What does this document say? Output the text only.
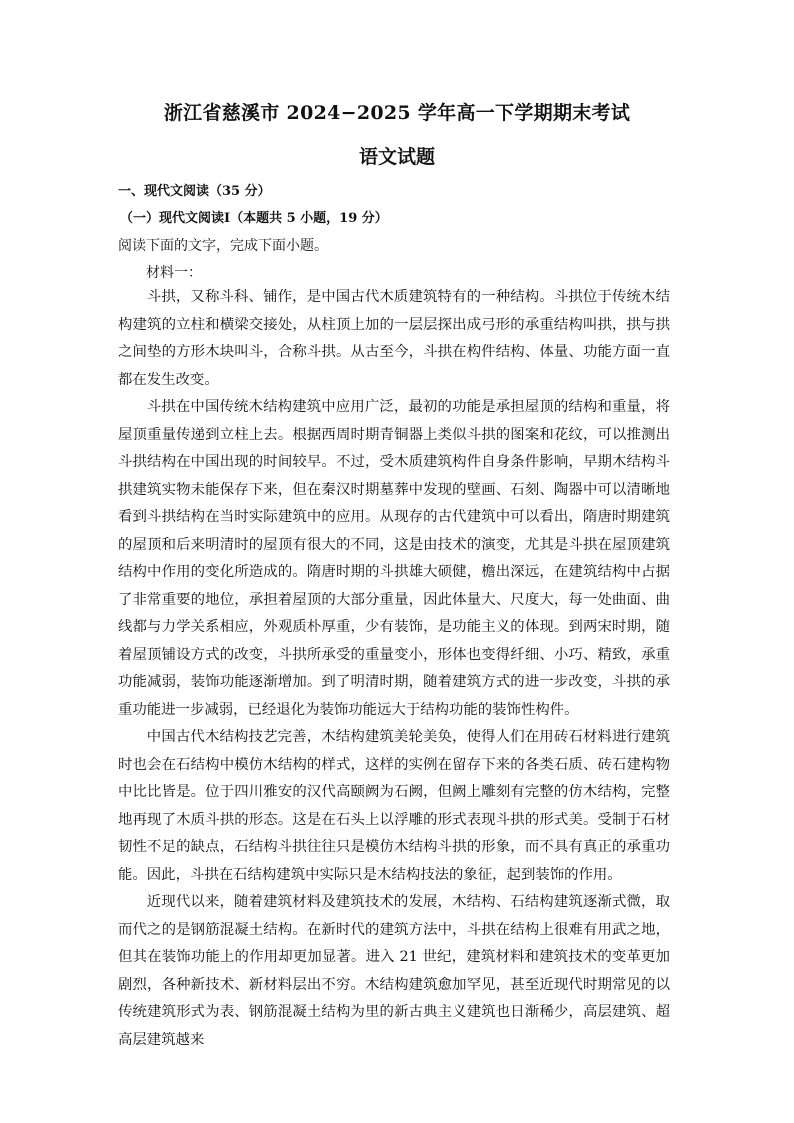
浙江省慈溪市 2024−2025 学年高一下学期期末考试
语文试题
一、现代文阅读（35 分）
（一）现代文阅读Ⅰ（本题共 5 小题，19 分）
阅读下面的文字，完成下面小题。
材料一：

斗拱，又称斗科、铺作，是中国古代木质建筑特有的一种结构。斗拱位于传统木结构建筑的立柱和横梁交接处，从柱顶上加的一层层探出成弓形的承重结构叫拱，拱与拱之间垫的方形木块叫斗，合称斗拱。从古至今，斗拱在构件结构、体量、功能方面一直都在发生改变。

斗拱在中国传统木结构建筑中应用广泛，最初的功能是承担屋顶的结构和重量，将屋顶重量传递到立柱上去。根据西周时期青铜器上类似斗拱的图案和花纹，可以推测出斗拱结构在中国出现的时间较早。不过，受木质建筑构件自身条件影响，早期木结构斗拱建筑实物未能保存下来，但在秦汉时期墓葬中发现的壁画、石刻、陶器中可以清晰地看到斗拱结构在当时实际建筑中的应用。从现存的古代建筑中可以看出，隋唐时期建筑的屋顶和后来明清时的屋顶有很大的不同，这是由技术的演变，尤其是斗拱在屋顶建筑结构中作用的变化所造成的。隋唐时期的斗拱雄大硕健，檐出深远，在建筑结构中占据了非常重要的地位，承担着屋顶的大部分重量，因此体量大、尺度大，每一处曲面、曲线都与力学关系相应，外观质朴厚重，少有装饰，是功能主义的体现。到两宋时期，随着屋顶铺设方式的改变，斗拱所承受的重量变小，形体也变得纤细、小巧、精致，承重功能减弱，装饰功能逐渐增加。到了明清时期，随着建筑方式的进一步改变，斗拱的承重功能进一步减弱，已经退化为装饰功能远大于结构功能的装饰性构件。

中国古代木结构技艺完善，木结构建筑美轮美奂，使得人们在用砖石材料进行建筑时也会在石结构中模仿木结构的样式，这样的实例在留存下来的各类石质、砖石建构物中比比皆是。位于四川雅安的汉代高颐阙为石阙，但阙上雕刻有完整的仿木结构，完整地再现了木质斗拱的形态。这是在石头上以浮雕的形式表现斗拱的形式美。受制于石材韧性不足的缺点，石结构斗拱往往只是模仿木结构斗拱的形象，而不具有真正的承重功能。因此，斗拱在石结构建筑中实际只是木结构技法的象征，起到装饰的作用。

近现代以来，随着建筑材料及建筑技术的发展，木结构、石结构建筑逐渐式微，取而代之的是钢筋混凝土结构。在新时代的建筑方法中，斗拱在结构上很难有用武之地，但其在装饰功能上的作用却更加显著。进入 21 世纪，建筑材料和建筑技术的变革更加剧烈，各种新技术、新材料层出不穷。木结构建筑愈加罕见，甚至近现代时期常见的以传统建筑形式为表、钢筋混凝土结构为里的新古典主义建筑也日渐稀少，高层建筑、超高层建筑越来
